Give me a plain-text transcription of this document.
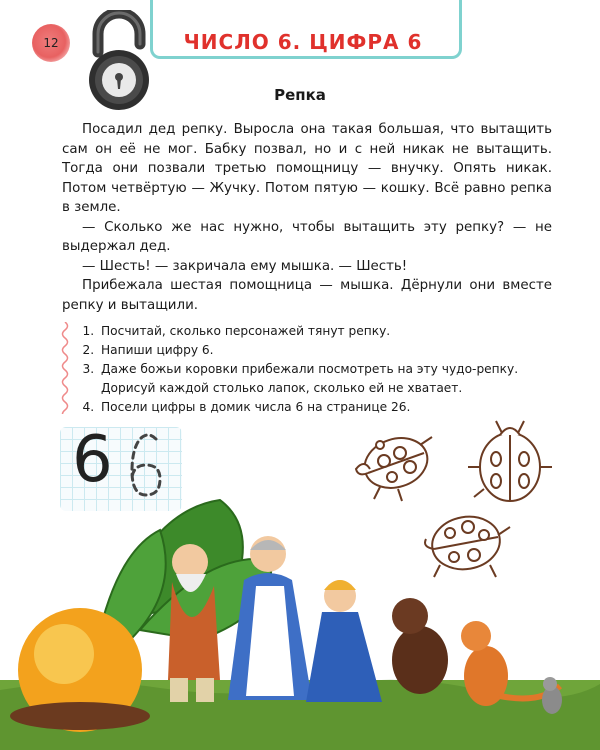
12	ЧИСЛО 6. ЦИФРА 6
Репка

Посадил дед репку. Выросла она такая большая, что вытащить сам он её не мог. Бабку позвал, но и с ней никак не вытащить. Тогда они позвали третью помощницу — внучку. Опять никак. Потом четвёртую — Жучку. Потом пятую — кошку. Всё равно репка в земле.

— Сколько же нас нужно, чтобы вытащить эту репку? — не выдержал дед.

— Шесть! — закричала ему мышка. — Шесть!

Прибежала шестая помощница — мышка. Дёрнули они вместе репку и вытащили.

1. Посчитай, сколько персонажей тянут репку.
2. Напиши цифру 6.
3. Даже божьи коровки прибежали посмотреть на эту чудо-репку. Дорисуй каждой столько лапок, сколько ей не хватает.
4. Посели цифры в домик числа 6 на странице 26.
6
